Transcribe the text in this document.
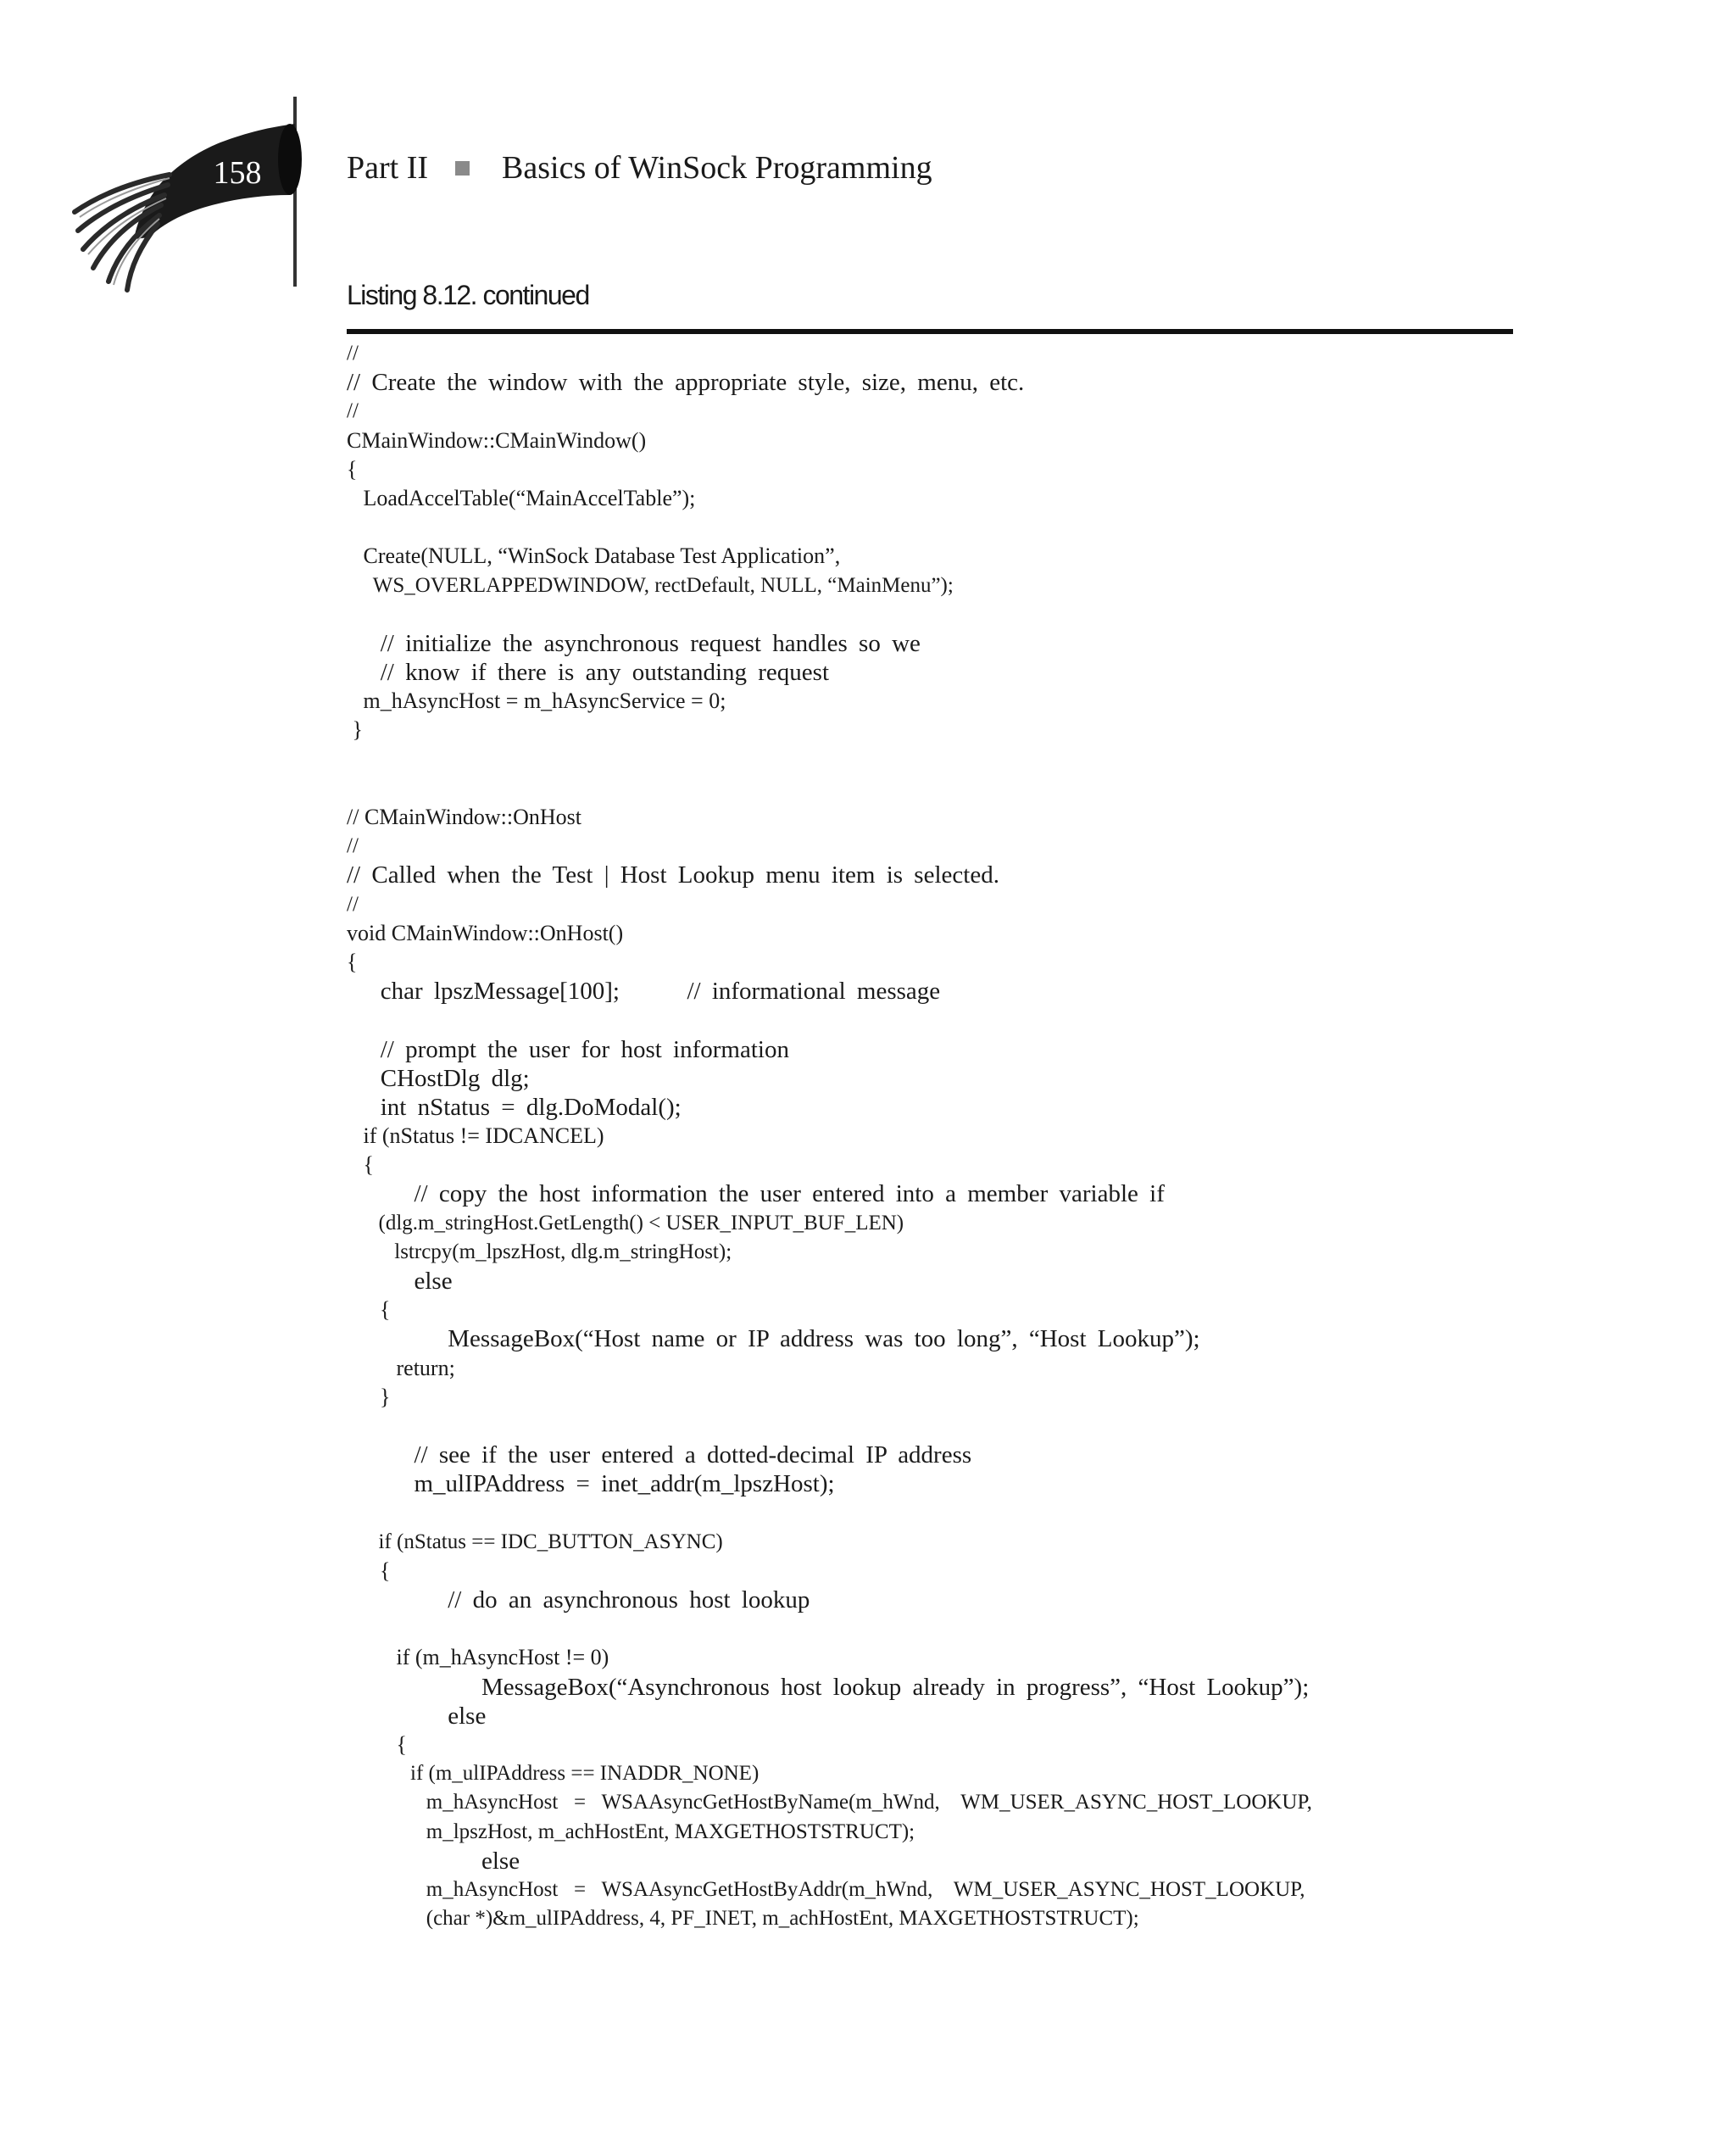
158	Part II Basics of WinSock Programming
Listing 8.12. continued
//
// Create the window with the appropriate style, size, menu, etc.
//
CMainWindow::CMainWindow()
{
LoadAccelTable(“MainAccelTable”);
Create(NULL, “WinSock Database Test Application”,
WS_OVERLAPPEDWINDOW, rectDefault, NULL, “MainMenu”);
// initialize the asynchronous request handles so we
// know if there is any outstanding request
m_hAsyncHost = m_hAsyncService = 0;
}
// CMainWindow::OnHost
//
// Called when the Test | Host Lookup menu item is selected.
//
void CMainWindow::OnHost()
{
char lpszMessage[100];      // informational message
// prompt the user for host information
CHostDlg dlg;
int nStatus = dlg.DoModal();
if (nStatus != IDCANCEL)
{
// copy the host information the user entered into a member variable if
(dlg.m_stringHost.GetLength() < USER_INPUT_BUF_LEN)
lstrcpy(m_lpszHost, dlg.m_stringHost);
else
{
MessageBox(“Host name or IP address was too long”, “Host Lookup”);
return;
}
// see if the user entered a dotted-decimal IP address
m_ulIPAddress = inet_addr(m_lpszHost);
if (nStatus == IDC_BUTTON_ASYNC)
{
// do an asynchronous host lookup
if (m_hAsyncHost != 0)
MessageBox(“Asynchronous host lookup already in progress”, “Host Lookup”);
else
{
if (m_ulIPAddress == INADDR_NONE)
m_hAsyncHost   =   WSAAsyncGetHostByName(m_hWnd,    WM_USER_ASYNC_HOST_LOOKUP,
m_lpszHost, m_achHostEnt, MAXGETHOSTSTRUCT);
else
m_hAsyncHost   =   WSAAsyncGetHostByAddr(m_hWnd,    WM_USER_ASYNC_HOST_LOOKUP,
(char *)&m_ulIPAddress, 4, PF_INET, m_achHostEnt, MAXGETHOSTSTRUCT);
